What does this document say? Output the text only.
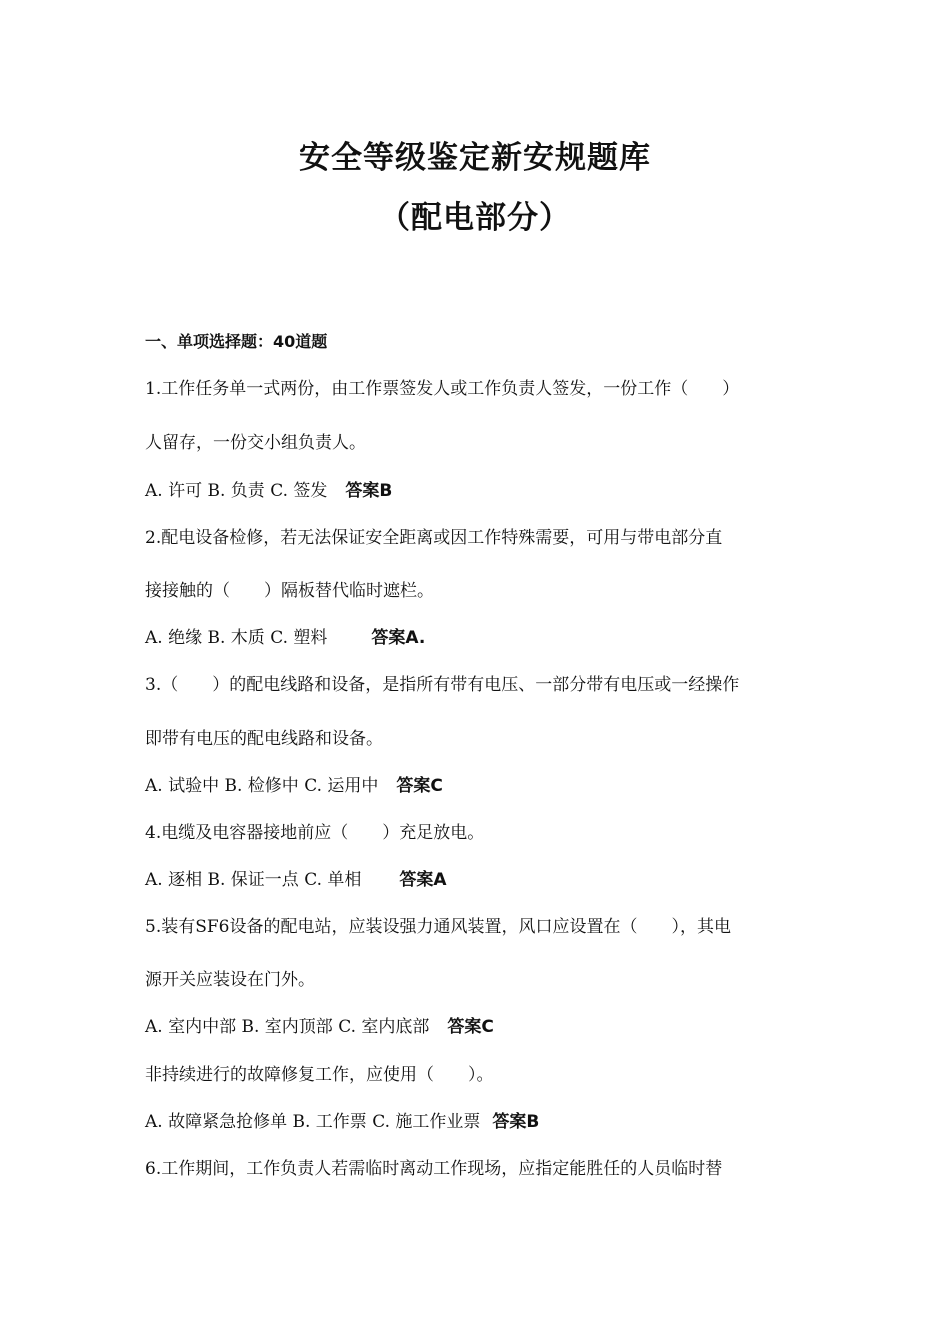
安全等级鉴定新安规题库
（配电部分）

一、单项选择题：40道题

1.工作任务单一式两份，由工作票签发人或工作负责人签发，一份工作（　　）

人留存，一份交小组负责人。

A. 许可 B. 负责 C. 签发 答案B

2.配电设备检修，若无法保证安全距离或因工作特殊需要，可用与带电部分直

接接触的（　　）隔板替代临时遮栏。

A. 绝缘 B. 木质 C. 塑料	答案A.

3.（　　）的配电线路和设备，是指所有带有电压、一部分带有电压或一经操作

即带有电压的配电线路和设备。

A. 试验中 B. 检修中 C. 运用中 答案C

4.电缆及电容器接地前应（　　）充足放电。

A. 逐相 B. 保证一点 C. 单相 答案A

5.装有SF6设备的配电站，应装设强力通风装置，风口应设置在（　　），其电

源开关应装设在门外。

A. 室内中部 B. 室内顶部 C. 室内底部 答案C

非持续进行的故障修复工作，应使用（　　）。

A. 故障紧急抢修单 B. 工作票 C. 施工作业票 答案B

6.工作期间，工作负责人若需临时离动工作现场，应指定能胜任的人员临时替
